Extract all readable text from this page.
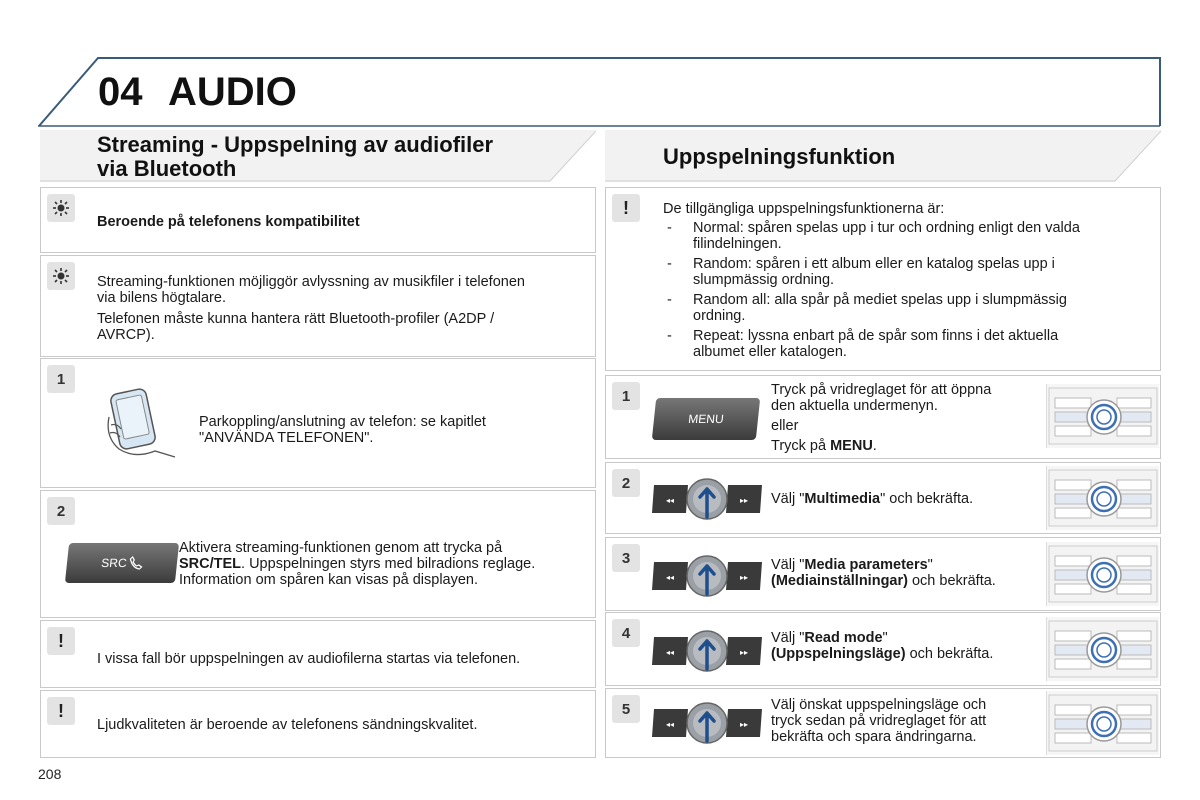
04 AUDIO
Streaming - Uppspelning av audiofiler
via Bluetooth	Uppspelningsfunktion
Beroende på telefonens kompatibilitet
Streaming-funktionen möjliggör avlyssning av musikfiler i telefonen
via bilens högtalare.
Telefonen måste kunna hantera rätt Bluetooth-profiler (A2DP /
AVRCP).
1
Parkoppling/anslutning av telefon: se kapitlet
"ANVÄNDA TELEFONEN".
2
SRC
Aktivera streaming-funktionen genom att trycka på
SRC/TEL. Uppspelningen styrs med bilradions reglage.
Information om spåren kan visas på displayen.
!
I vissa fall bör uppspelningen av audiofilerna startas via telefonen.
!
Ljudkvaliteten är beroende av telefonens sändningskvalitet.
!	De tillgängliga uppspelningsfunktionerna är:
- Normal: spåren spelas upp i tur och ordning enligt den valda
filindelningen.
- Random: spåren i ett album eller en katalog spelas upp i
slumpmässig ordning.
- Random all: alla spår på mediet spelas upp i slumpmässig
ordning.
- Repeat: lyssna enbart på de spår som finns i det aktuella
albumet eller katalogen.
1
MENU
Tryck på vridreglaget för att öppna
den aktuella undermenyn.
eller
Tryck på MENU.
2
◂◂	▸▸ Välj "Multimedia" och bekräfta.
3
◂◂	▸▸
Välj "Media parameters"
(Mediainställningar) och bekräfta.
4
◂◂	▸▸
Välj "Read mode"
(Uppspelningsläge) och bekräfta.
5
◂◂	▸▸
Välj önskat uppspelningsläge och
tryck sedan på vridreglaget för att
bekräfta och spara ändringarna.
208
